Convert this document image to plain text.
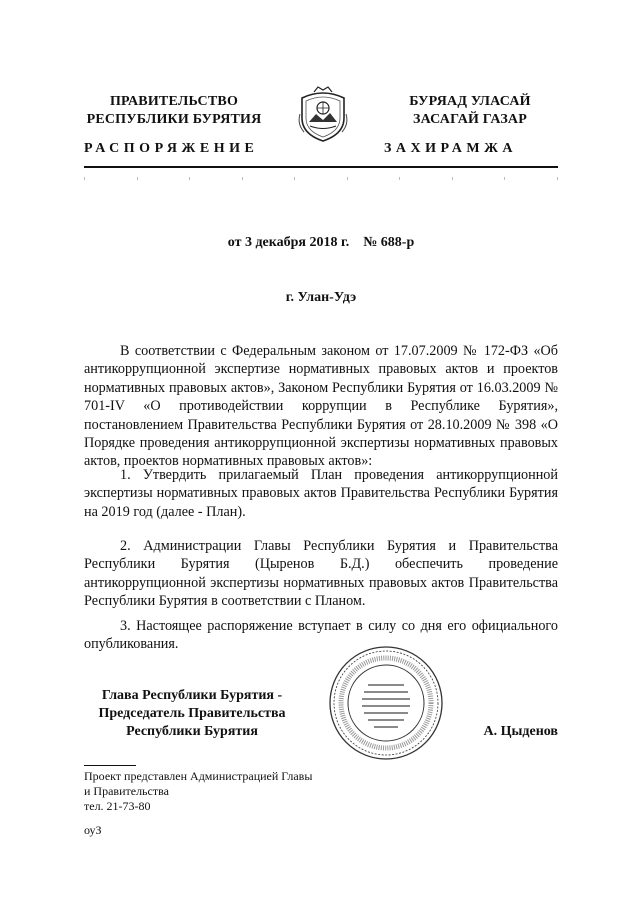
ПРАВИТЕЛЬСТВО
РЕСПУБЛИКИ БУРЯТИЯ
БУРЯАД УЛАСАЙ
ЗАСАГАЙ ГАЗАР
РАСПОРЯЖЕНИЕ	ЗАХИРАМЖА
от 3 декабря 2018 г.    № 688-р
г. Улан-Удэ
В соответствии с Федеральным законом от 17.07.2009 № 172-ФЗ «Об антикоррупционной экспертизе нормативных правовых актов и проектов нормативных правовых актов», Законом Республики Бурятия от 16.03.2009 № 701-IV «О противодействии коррупции в Республике Бурятия», постановлением Правительства Республики Бурятия от 28.10.2009 № 398 «О Порядке проведения антикоррупционной экспертизы нормативных правовых актов, проектов нормативных правовых актов»:
1. Утвердить прилагаемый План проведения антикоррупционной экспертизы нормативных правовых актов Правительства Республики Бурятия на 2019 год (далее - План).
2. Администрации Главы Республики Бурятия и Правительства Республики Бурятия (Цыренов Б.Д.) обеспечить проведение антикоррупционной экспертизы нормативных правовых актов Правительства Республики Бурятия в соответствии с Планом.
3. Настоящее распоряжение вступает в силу со дня его официального опубликования.
Глава Республики Бурятия -
Председатель Правительства
Республики Бурятия	А. Цыденов
Проект представлен Администрацией Главы
и Правительства
тел. 21-73-80
оуЗ
